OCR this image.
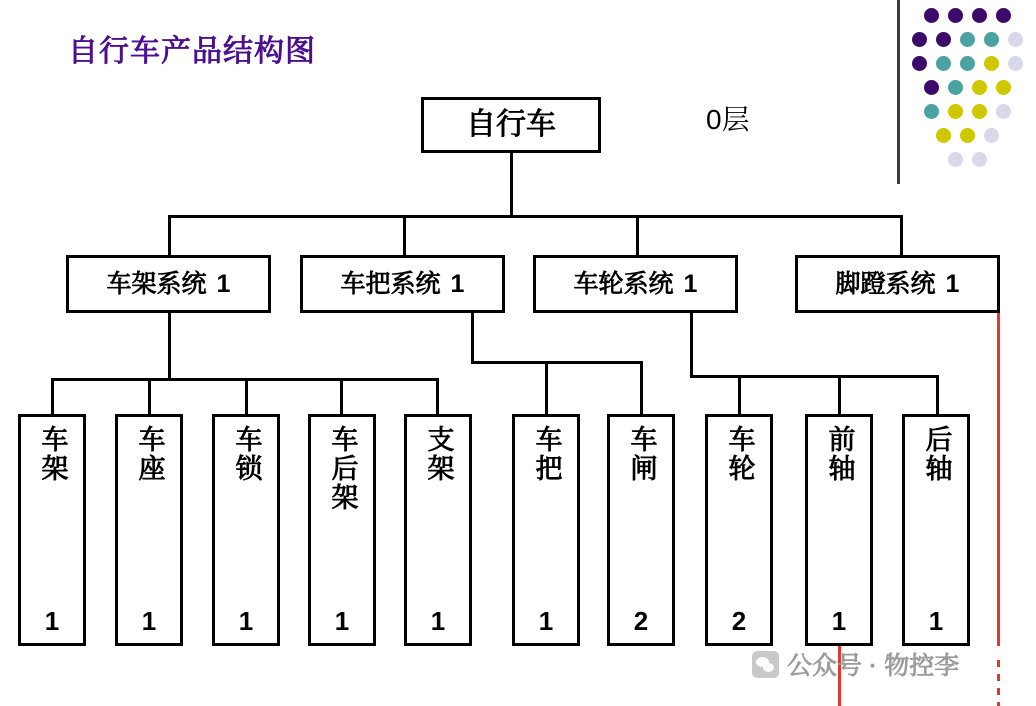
自行车产品结构图
0层
自行车
车架系统 1	车把系统 1	车轮系统 1	脚蹬系统 1
车架
1
车座
1
车锁
1
车后架
1
支架
1
车把
1
车闸
2
车轮
2
前轴
1
后轴
1
公众号 · 物控李
